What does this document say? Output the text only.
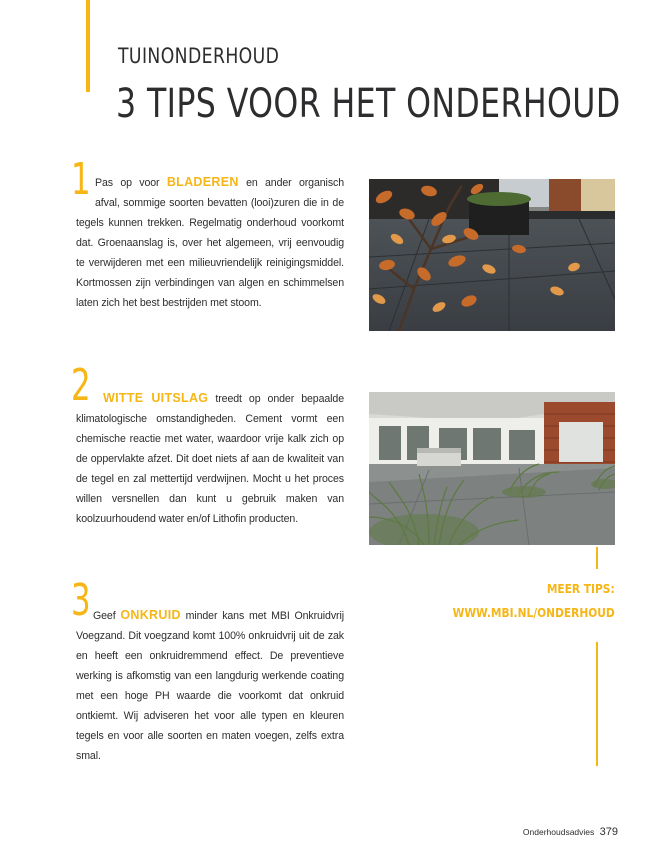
TUINONDERHOUD
3 TIPS VOOR HET ONDERHOUD
1 Pas op voor BLADEREN en ander organisch afval, sommige soorten bevatten (looi)zuren die in de tegels kunnen trekken. Regelmatig onderhoud voorkomt dat. Groenaanslag is, over het algemeen, vrij eenvoudig te verwijderen met een milieuvriendelijk reinigingsmiddel. Kortmossen zijn verbindingen van algen en schimmelsen laten zich het best bestrijden met stoom.

2 WITTE UITSLAG treedt op onder bepaalde klimatologische omstandigheden. Cement vormt een chemische reactie met water, waardoor vrije kalk zich op de oppervlakte afzet. Dit doet niets af aan de kwaliteit van de tegel en zal mettertijd verdwijnen. Mocht u het proces willen versnellen dan kunt u gebruik maken van koolzuurhoudend water en/of Lithofin producten.

MEER TIPS:
WWW.MBI.NL/ONDERHOUD
3 Geef ONKRUID minder kans met MBI Onkruidvrij Voegzand. Dit voegzand komt 100% onkruidvrij uit de zak en heeft een onkruidremmend effect. De preventieve werking is afkomstig van een langdurig werkende coating met een hoge PH waarde die voorkomt dat onkruid ontkiemt. Wij adviseren het voor alle typen en kleuren tegels en voor alle soorten en maten voegen, zelfs extra smal.

Onderhoudsadvies 379
